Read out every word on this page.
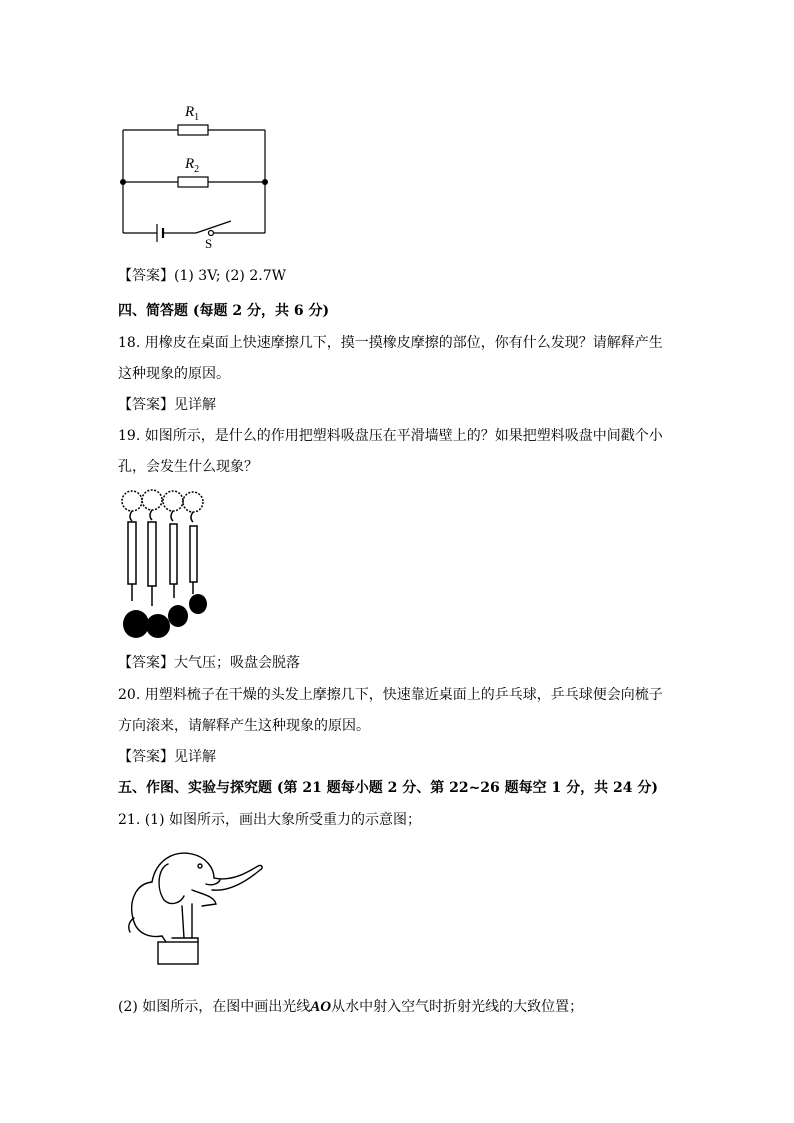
$R_1$
$R_2$
S
【答案】(1) 3V; (2) 2.7W
四、简答题 (每题 2 分，共 6 分)
18. 用橡皮在桌面上快速摩擦几下，摸一摸橡皮摩擦的部位，你有什么发现？请解释产生
这种现象的原因。
【答案】见详解
19. 如图所示，是什么的作用把塑料吸盘压在平滑墙壁上的？如果把塑料吸盘中间戳个小
孔，会发生什么现象？
【答案】大气压；吸盘会脱落
20. 用塑料梳子在干燥的头发上摩擦几下，快速靠近桌面上的乒乓球，乒乓球便会向梳子
方向滚来，请解释产生这种现象的原因。
【答案】见详解
五、作图、实验与探究题 (第 21 题每小题 2 分、第 22~26 题每空 1 分，共 24 分)
21. (1) 如图所示，画出大象所受重力的示意图；
(2) 如图所示，在图中画出光线AO从水中射入空气时折射光线的大致位置；
